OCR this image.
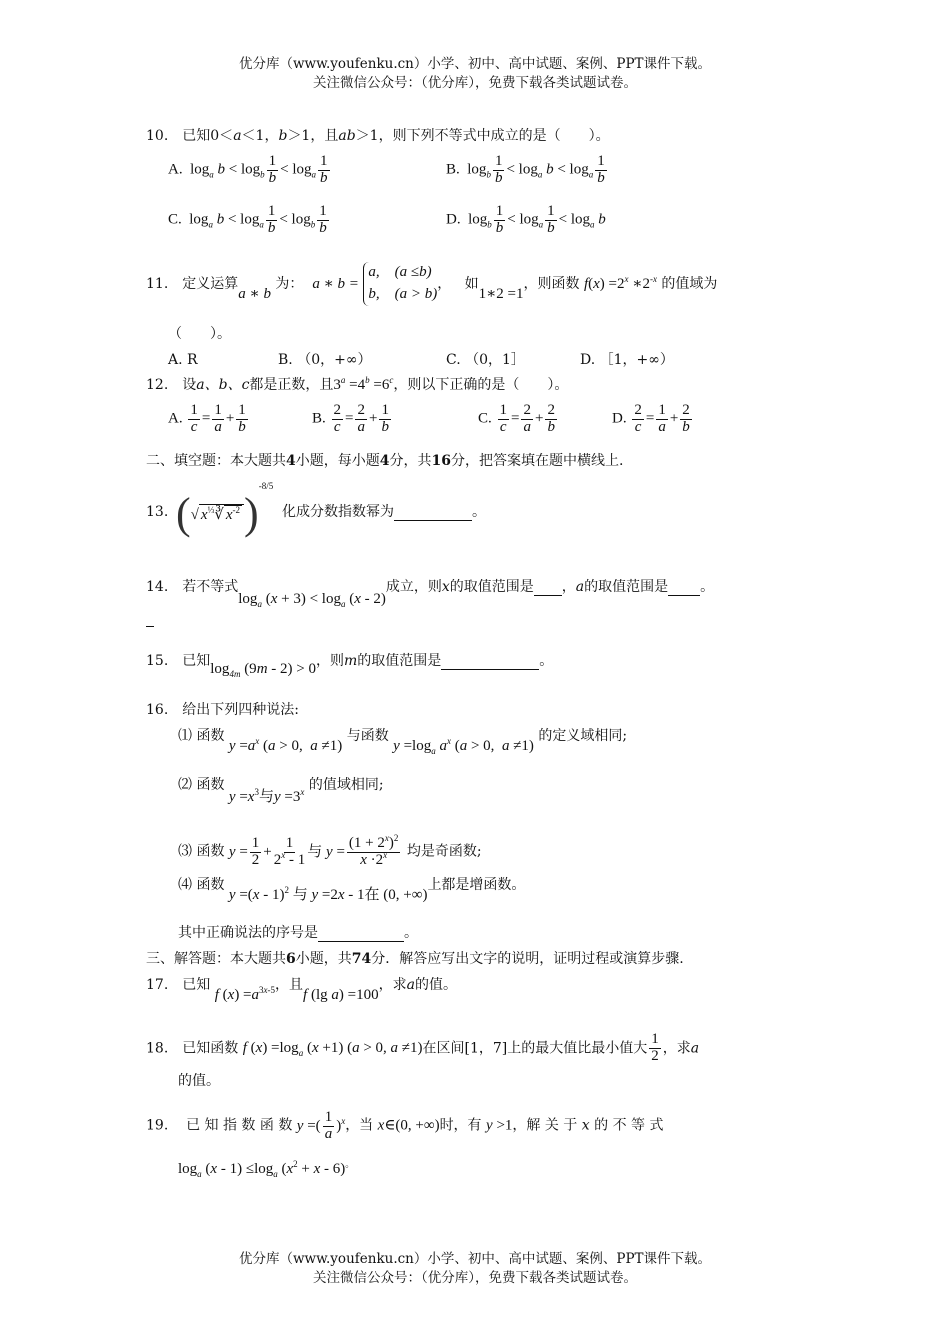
优分库（www.youfenku.cn）小学、初中、高中试题、案例、PPT课件下载。
关注微信公众号：（优分库），免费下载各类试题试卷。
10.　 已知0＜a＜1，b＞1，且ab＞1，则下列不等式中成立的是（　　）。
A.  $\log_a b < \log_b \frac{1}{b} < \log_a \frac{1}{b}$	B.  $\log_b \frac{1}{b} < \log_a b < \log_a \frac{1}{b}$
C.  $\log_a b < \log_a \frac{1}{b} < \log_b \frac{1}{b}$	D.  $\log_b \frac{1}{b} < \log_a \frac{1}{b} < \log_a b$
11.　 定义运算a ∗ b 为： a ∗ b =
a,　(a ≤b)
b,　(a > b)
， 如1∗2 =1，则函数 $f(x) =2^x$ $∗2^{-x}$ 的值域为
（　　）。
A. R	B. （0，+∞）	C. （0，1］	D. ［1，+∞）
12.　 设a、b、c都是正数，且$3^a =4^b =6^c$，则以下正确的是（　　）。
A. $\frac{1}{c} = \frac{1}{a} + \frac{1}{b}$	B. $\frac{2}{c} = \frac{2}{a} + \frac{1}{b}$	C. $\frac{1}{c} = \frac{2}{a} + \frac{2}{b}$	D. $\frac{2}{c} = \frac{1}{a} + \frac{2}{b}$
二、填空题：本大题共4小题，每小题4分，共16分，把答案填在题中横线上.
13. (√ $x^{\frac{1}{3}}∛$ $x^{-2})^{-8/5}$
化成分数指数幂为	。
14.　 若不等式$\log_a (x + 3) < \log_a (x - 2)$成立，则x的取值范围是 ，a的取值范围是 。
15.　 已知$\log_{4m} (9m - 2) > 0$，则m的取值范围是	。
16.　 给出下列四种说法:
⑴ 函数 $y =a^x$ (a > 0,  a ≠1) 与函数 $y =\log_a$ $a^x$ (a > 0,  a ≠1) 的定义域相同;
⑵ 函数 $y =x^3$与$y =3^x$ 的值域相同;
⑶ 函数 $y = \frac{1}{2} + \frac{1}{2^x - 1}$ 与 $y = \frac{(1 + 2^x)^2}{x \cdot 2^x}$ 均是奇函数;
⑷ 函数 y =(x - 1)$^2$ 与 y =2x - 1在 (0, +∞)上都是增函数。
其中正确说法的序号是	。
三、解答题：本大题共6小题，共74分．解答应写出文字的说明，证明过程或演算步骤.
17.　 已知 f $(x) =a^{3x-5}$，且f (lg a) =100，求a的值。
18.　 已知函数 f $(x) =\log_a$ (x +1) (a > 0, a ≠1)在区间[1，7]上的最大值比最小值大 $\frac{1}{2}$ ，求a
的值。
19. 已 知 指 数 函 数 y =( $\frac{1}{a} )^x$，当 x∈(0, +∞)时，有 y >1，解 关 于 x 的 不 等 式
$\log_a (x - 1) \le\log_a$ $(x^2 + x - 6)^。$
优分库（www.youfenku.cn）小学、初中、高中试题、案例、PPT课件下载。
关注微信公众号：（优分库），免费下载各类试题试卷。
